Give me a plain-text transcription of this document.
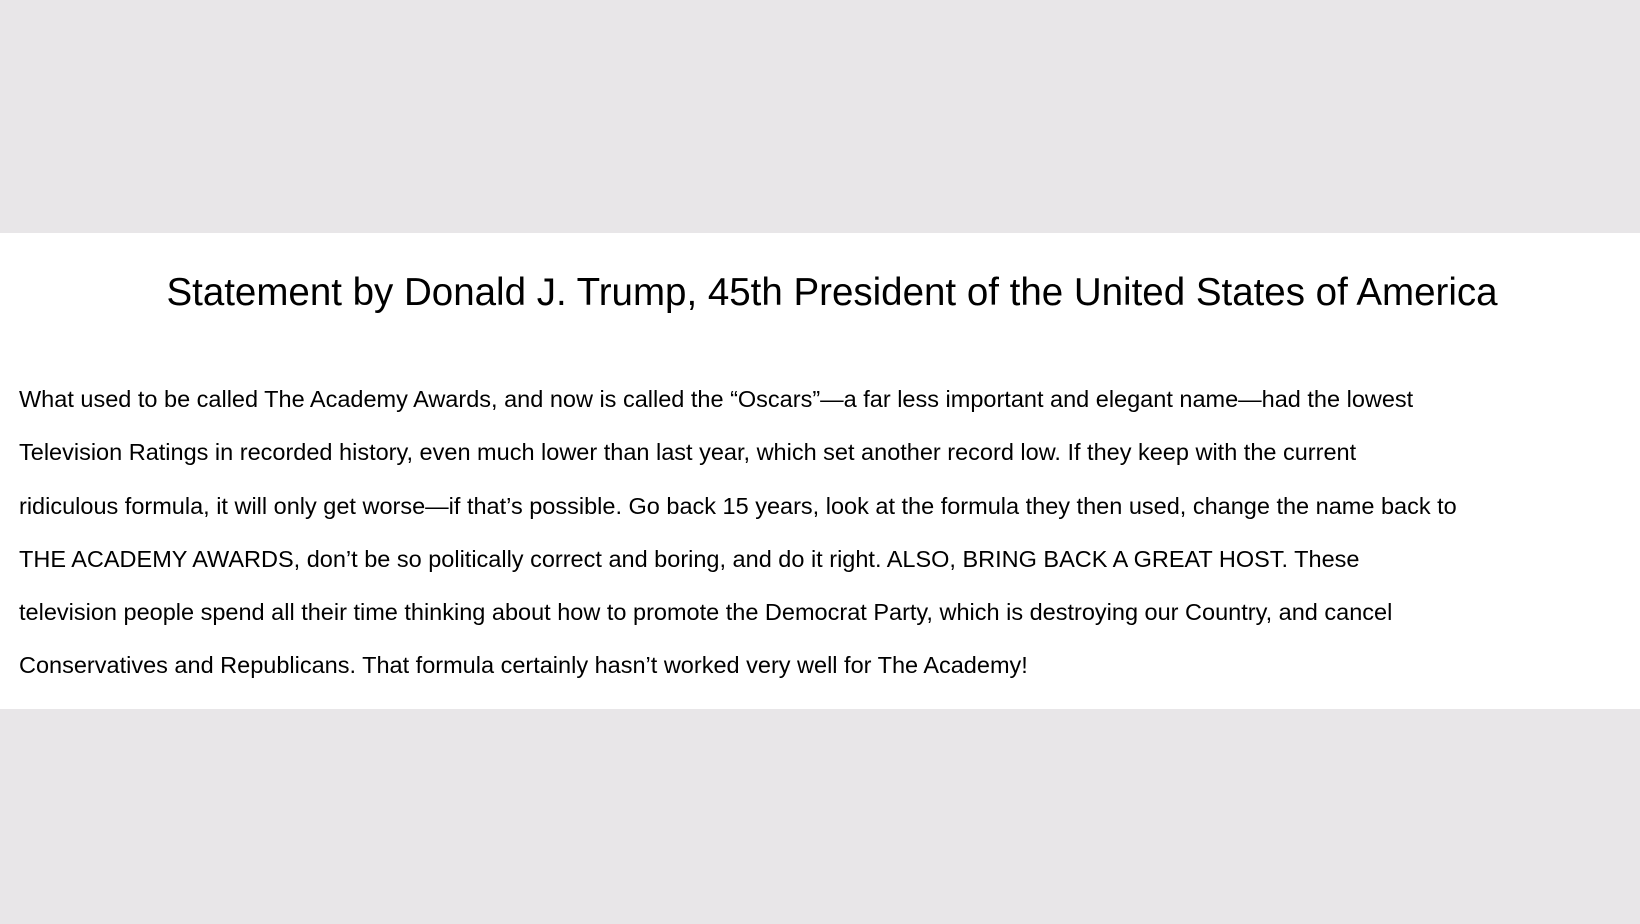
Statement by Donald J. Trump, 45th President of the United States of America

What used to be called The Academy Awards, and now is called the “Oscars”—a far less important and elegant name—had the lowest
Television Ratings in recorded history, even much lower than last year, which set another record low. If they keep with the current
ridiculous formula, it will only get worse—if that’s possible. Go back 15 years, look at the formula they then used, change the name back to
THE ACADEMY AWARDS, don’t be so politically correct and boring, and do it right. ALSO, BRING BACK A GREAT HOST. These
television people spend all their time thinking about how to promote the Democrat Party, which is destroying our Country, and cancel
Conservatives and Republicans. That formula certainly hasn’t worked very well for The Academy!
